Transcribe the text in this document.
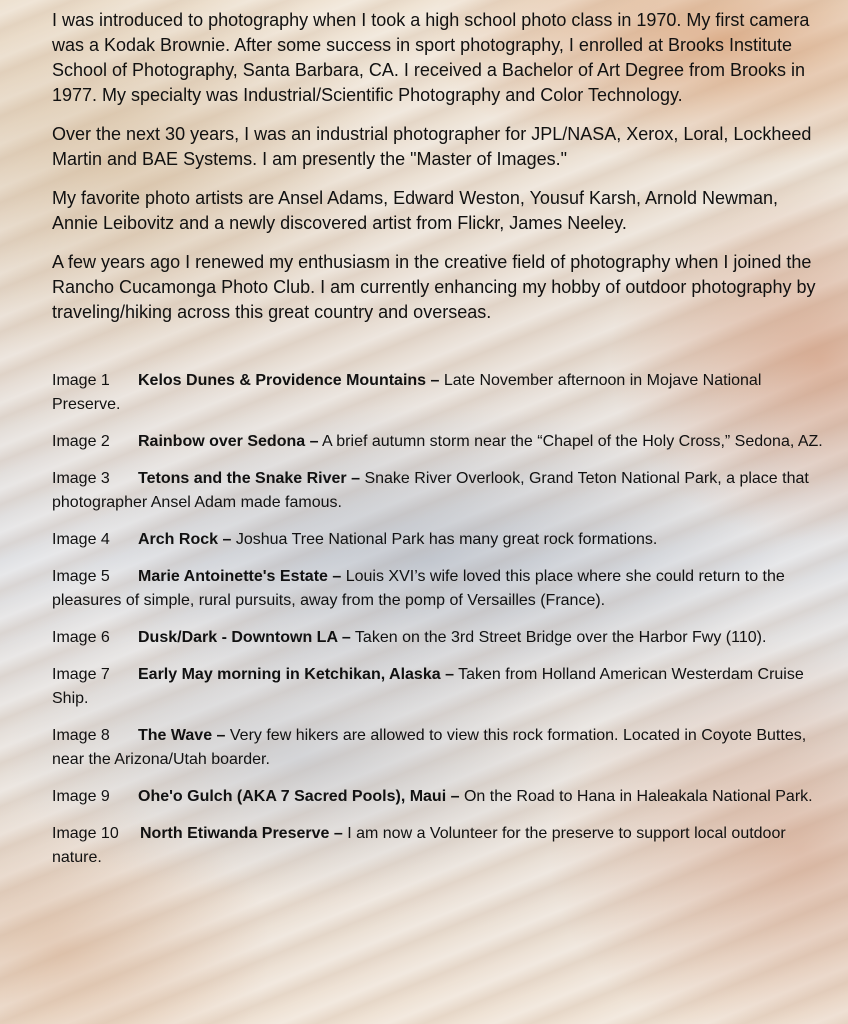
I was introduced to photography when I took a high school photo class in 1970. My first camera was a Kodak Brownie. After some success in sport photography, I enrolled at Brooks Institute School of Photography, Santa Barbara, CA. I received a Bachelor of Art Degree from Brooks in 1977. My specialty was Industrial/Scientific Photography and Color Technology.

Over the next 30 years, I was an industrial photographer for JPL/NASA, Xerox, Loral, Lockheed Martin and BAE Systems. I am presently the "Master of Images."

My favorite photo artists are Ansel Adams, Edward Weston, Yousuf Karsh, Arnold Newman, Annie Leibovitz and a newly discovered artist from Flickr, James Neeley.

A few years ago I renewed my enthusiasm in the creative field of photography when I joined the Rancho Cucamonga Photo Club. I am currently enhancing my hobby of outdoor photography by traveling/hiking across this great country and overseas.

Image 1 Kelos Dunes & Providence Mountains – Late November afternoon in Mojave National Preserve.
Image 2 Rainbow over Sedona – A brief autumn storm near the “Chapel of the Holy Cross,” Sedona, AZ.
Image 3 Tetons and the Snake River – Snake River Overlook, Grand Teton National Park, a place that photographer Ansel Adam made famous.
Image 4 Arch Rock – Joshua Tree National Park has many great rock formations.
Image 5 Marie Antoinette's Estate – Louis XVI’s wife loved this place where she could return to the pleasures of simple, rural pursuits, away from the pomp of Versailles (France).
Image 6 Dusk/Dark - Downtown LA – Taken on the 3rd Street Bridge over the Harbor Fwy (110).
Image 7 Early May morning in Ketchikan, Alaska – Taken from Holland American Westerdam Cruise Ship.
Image 8 The Wave – Very few hikers are allowed to view this rock formation. Located in Coyote Buttes, near the Arizona/Utah boarder.
Image 9 Ohe'o Gulch (AKA 7 Sacred Pools), Maui – On the Road to Hana in Haleakala National Park.
Image 10 North Etiwanda Preserve – I am now a Volunteer for the preserve to support local outdoor nature.
